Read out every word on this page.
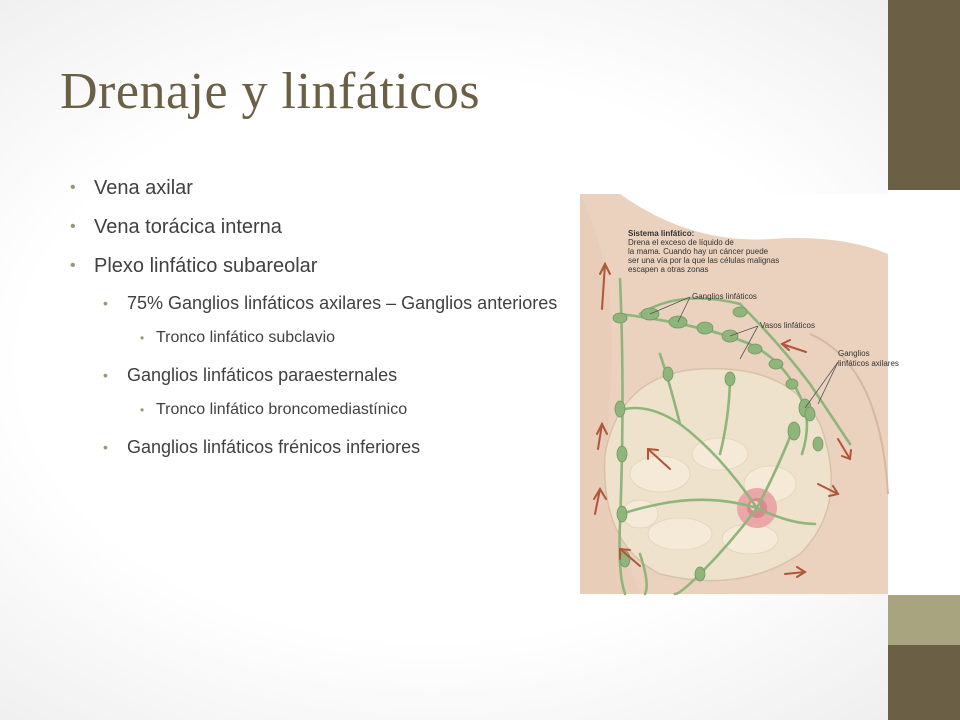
Drenaje y linfáticos
• Vena axilar
• Vena torácica interna
• Plexo linfático subareolar
• 75% Ganglios linfáticos axilares – Ganglios anteriores
• Tronco linfático subclavio
• Ganglios linfáticos paraesternales
• Tronco linfático broncomediastínico
• Ganglios linfáticos frénicos inferiores
Sistema linfático:
Drena el exceso de líquido de
la mama. Cuando hay un cáncer puede
ser una vía por la que las células malignas
escapen a otras zonas
Ganglios linfáticos
Vasos linfáticos
Ganglios
linfáticos axilares
